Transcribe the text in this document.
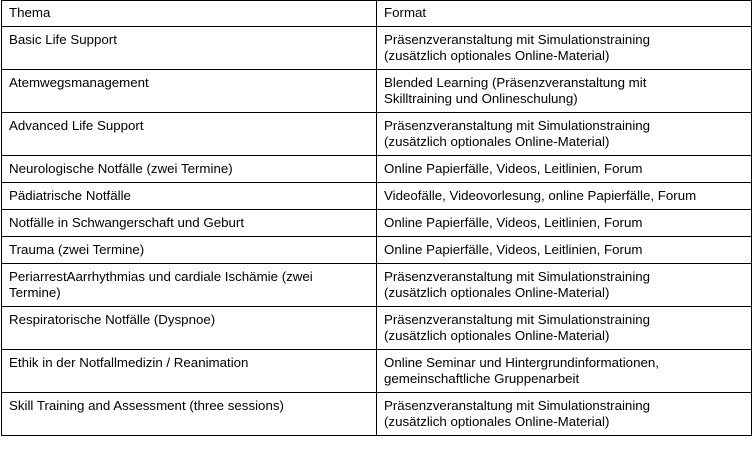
Thema	Format
Basic Life Support	Präsenzveranstaltung mit Simulationstraining
(zusätzlich optionales Online-Material)
Atemwegsmanagement	Blended Learning (Präsenzveranstaltung mit
Skilltraining und Onlineschulung)
Advanced Life Support	Präsenzveranstaltung mit Simulationstraining
(zusätzlich optionales Online-Material)
Neurologische Notfälle (zwei Termine)	Online Papierfälle, Videos, Leitlinien, Forum
Pädiatrische Notfälle	Videofälle, Videovorlesung, online Papierfälle, Forum
Notfälle in Schwangerschaft und Geburt	Online Papierfälle, Videos, Leitlinien, Forum
Trauma (zwei Termine)	Online Papierfälle, Videos, Leitlinien, Forum
PeriarrestAarrhythmias und cardiale Ischämie (zwei
Termine)	Präsenzveranstaltung mit Simulationstraining
(zusätzlich optionales Online-Material)
Respiratorische Notfälle (Dyspnoe)	Präsenzveranstaltung mit Simulationstraining
(zusätzlich optionales Online-Material)
Ethik in der Notfallmedizin / Reanimation	Online Seminar und Hintergrundinformationen,
gemeinschaftliche Gruppenarbeit
Skill Training and Assessment (three sessions)	Präsenzveranstaltung mit Simulationstraining
(zusätzlich optionales Online-Material)
